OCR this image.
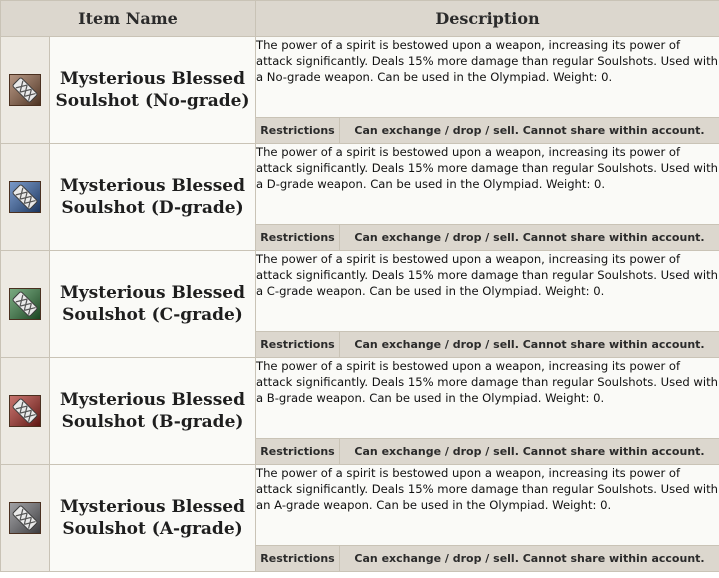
Item Name		Description	

	Mysterious Blessed Soulshot (No-grade)	The power of a spirit is bestowed upon a weapon, increasing its power of attack significantly. Deals 15% more damage than regular Soulshots. Used with a No-grade weapon. Can be used in the Olympiad. Weight: 0.	
		Restrictions	Can exchange / drop / sell. Cannot share within account.

	Mysterious Blessed Soulshot (D-grade)	The power of a spirit is bestowed upon a weapon, increasing its power of attack significantly. Deals 15% more damage than regular Soulshots. Used with a D-grade weapon. Can be used in the Olympiad. Weight: 0.	
		Restrictions	Can exchange / drop / sell. Cannot share within account.

	Mysterious Blessed Soulshot (C-grade)	The power of a spirit is bestowed upon a weapon, increasing its power of attack significantly. Deals 15% more damage than regular Soulshots. Used with a C-grade weapon. Can be used in the Olympiad. Weight: 0.	
		Restrictions	Can exchange / drop / sell. Cannot share within account.

	Mysterious Blessed Soulshot (B-grade)	The power of a spirit is bestowed upon a weapon, increasing its power of attack significantly. Deals 15% more damage than regular Soulshots. Used with a B-grade weapon. Can be used in the Olympiad. Weight: 0.	
		Restrictions	Can exchange / drop / sell. Cannot share within account.

	Mysterious Blessed Soulshot (A-grade)	The power of a spirit is bestowed upon a weapon, increasing its power of attack significantly. Deals 15% more damage than regular Soulshots. Used with an A-grade weapon. Can be used in the Olympiad. Weight: 0.	
		Restrictions	Can exchange / drop / sell. Cannot share within account.
